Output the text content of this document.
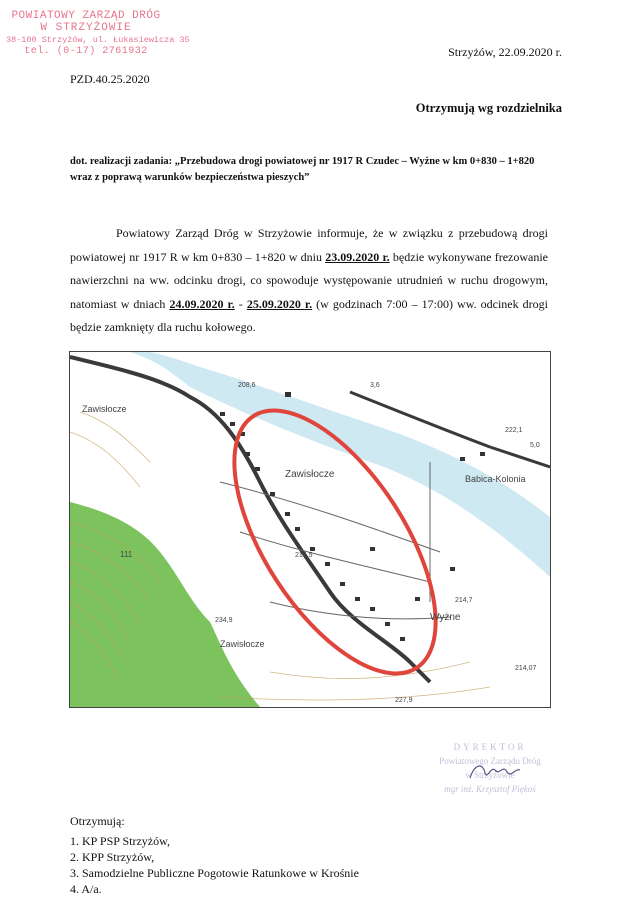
POWIATOWY ZARZĄD DRÓG
W STRZYŻOWIE
38-100 Strzyżów, ul. Łukasiewicza 35
tel. (0-17) 2761932	Strzyżów, 22.09.2020 r.
PZD.40.25.2020
Otrzymują wg rozdzielnika
dot. realizacji zadania: „Przebudowa drogi powiatowej nr 1917 R Czudec – Wyżne w km 0+830 – 1+820
wraz z poprawą warunków bezpieczeństwa pieszych”
Powiatowy Zarząd Dróg w Strzyżowie informuje, że w związku z przebudową drogi powiatowej nr 1917 R w km 0+830 – 1+820 w dniu 23.09.2020 r. będzie wykonywane frezowanie nawierzchni na ww. odcinku drogi, co spowoduje występowanie utrudnień w ruchu drogowym, natomiast w dniach 24.09.2020 r. - 25.09.2020 r. (w godzinach 7:00 – 17:00) ww. odcinek drogi będzie zamknięty dla ruchu kołowego.
Zawisłocze
Zawisłocze
Zawisłocze
Babica-Kolonia
Wyżne
111	216,5
214,7
214,07
227,9
222,1
234,9
208,6	3,6
5,0
DYREKTOR
Powiatowego Zarządu Dróg
w Strzyżowie
mgr inż. Krzysztof Piękoś
Otrzymują:
1. KP PSP Strzyżów,
2. KPP Strzyżów,
3. Samodzielne Publiczne Pogotowie Ratunkowe w Krośnie
4. A/a.
